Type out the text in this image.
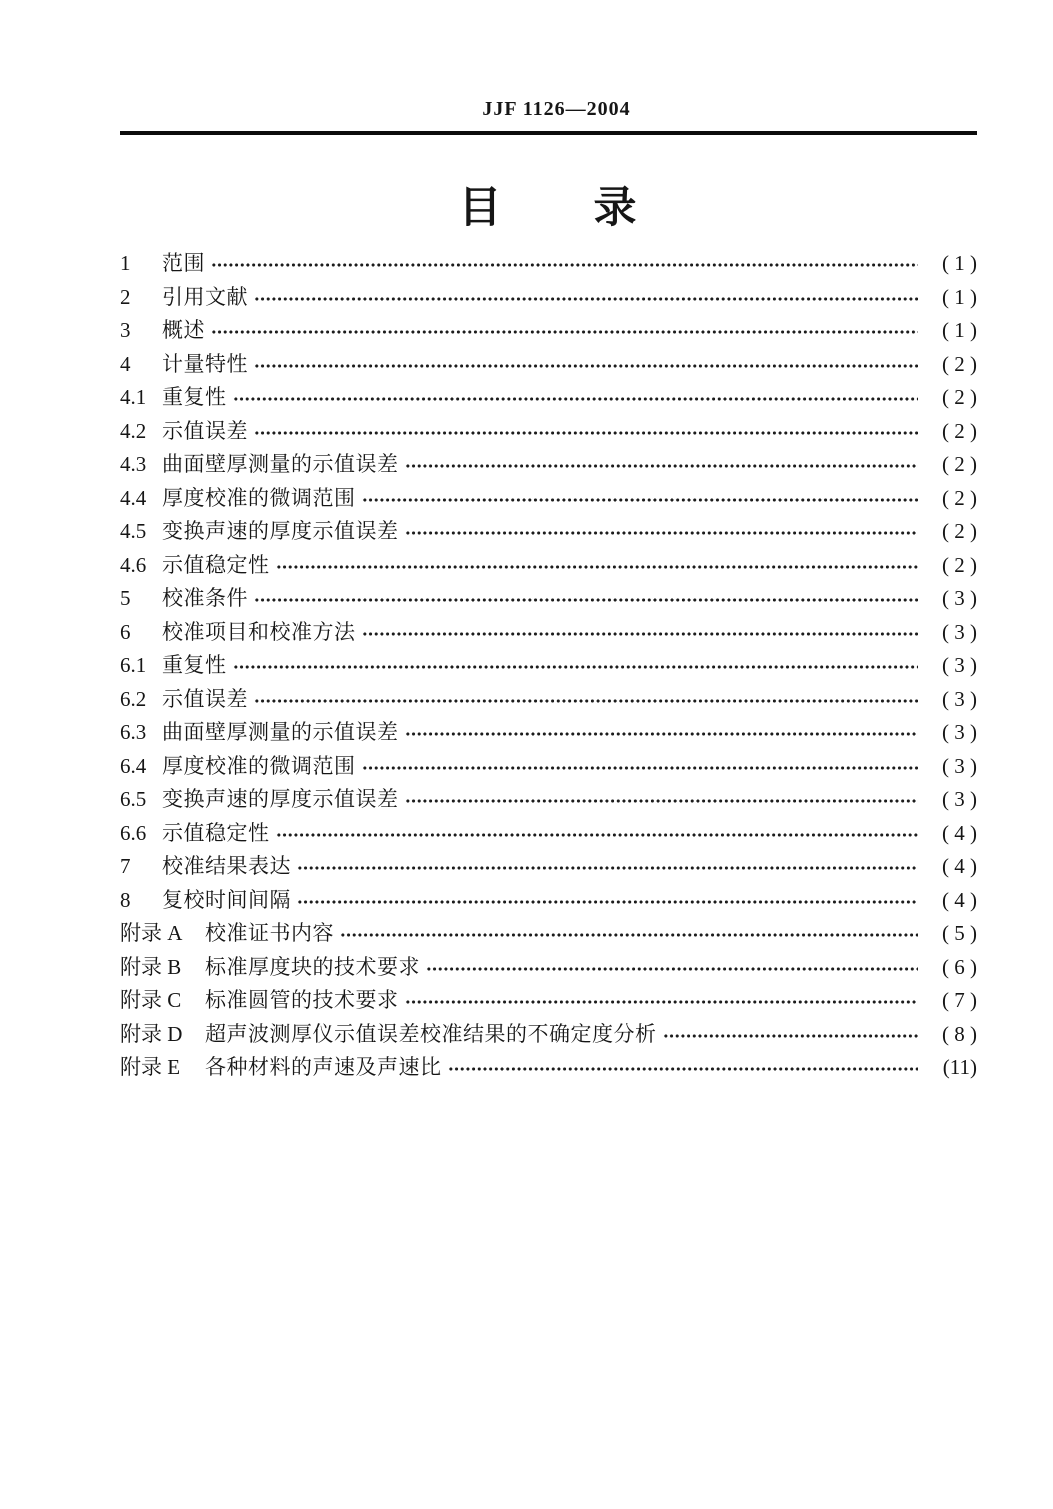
JJF 1126—2004
目　　录
1	范围	( 1 )
2	引用文献	( 1 )
3	概述	( 1 )
4	计量特性	( 2 )
4.1 重复性	( 2 )
4.2 示值误差	( 2 )
4.3 曲面壁厚测量的示值误差	( 2 )
4.4 厚度校准的微调范围	( 2 )
4.5 变换声速的厚度示值误差	( 2 )
4.6 示值稳定性	( 2 )
5	校准条件	( 3 )
6	校准项目和校准方法	( 3 )
6.1 重复性	( 3 )
6.2 示值误差	( 3 )
6.3 曲面壁厚测量的示值误差	( 3 )
6.4 厚度校准的微调范围	( 3 )
6.5 变换声速的厚度示值误差	( 3 )
6.6 示值稳定性	( 4 )
7	校准结果表达	( 4 )
8	复校时间间隔	( 4 )
附录 A	校准证书内容	( 5 )
附录 B	标准厚度块的技术要求	( 6 )
附录 C	标准圆管的技术要求	( 7 )
附录 D	超声波测厚仪示值误差校准结果的不确定度分析	( 8 )
附录 E	各种材料的声速及声速比	(11)
